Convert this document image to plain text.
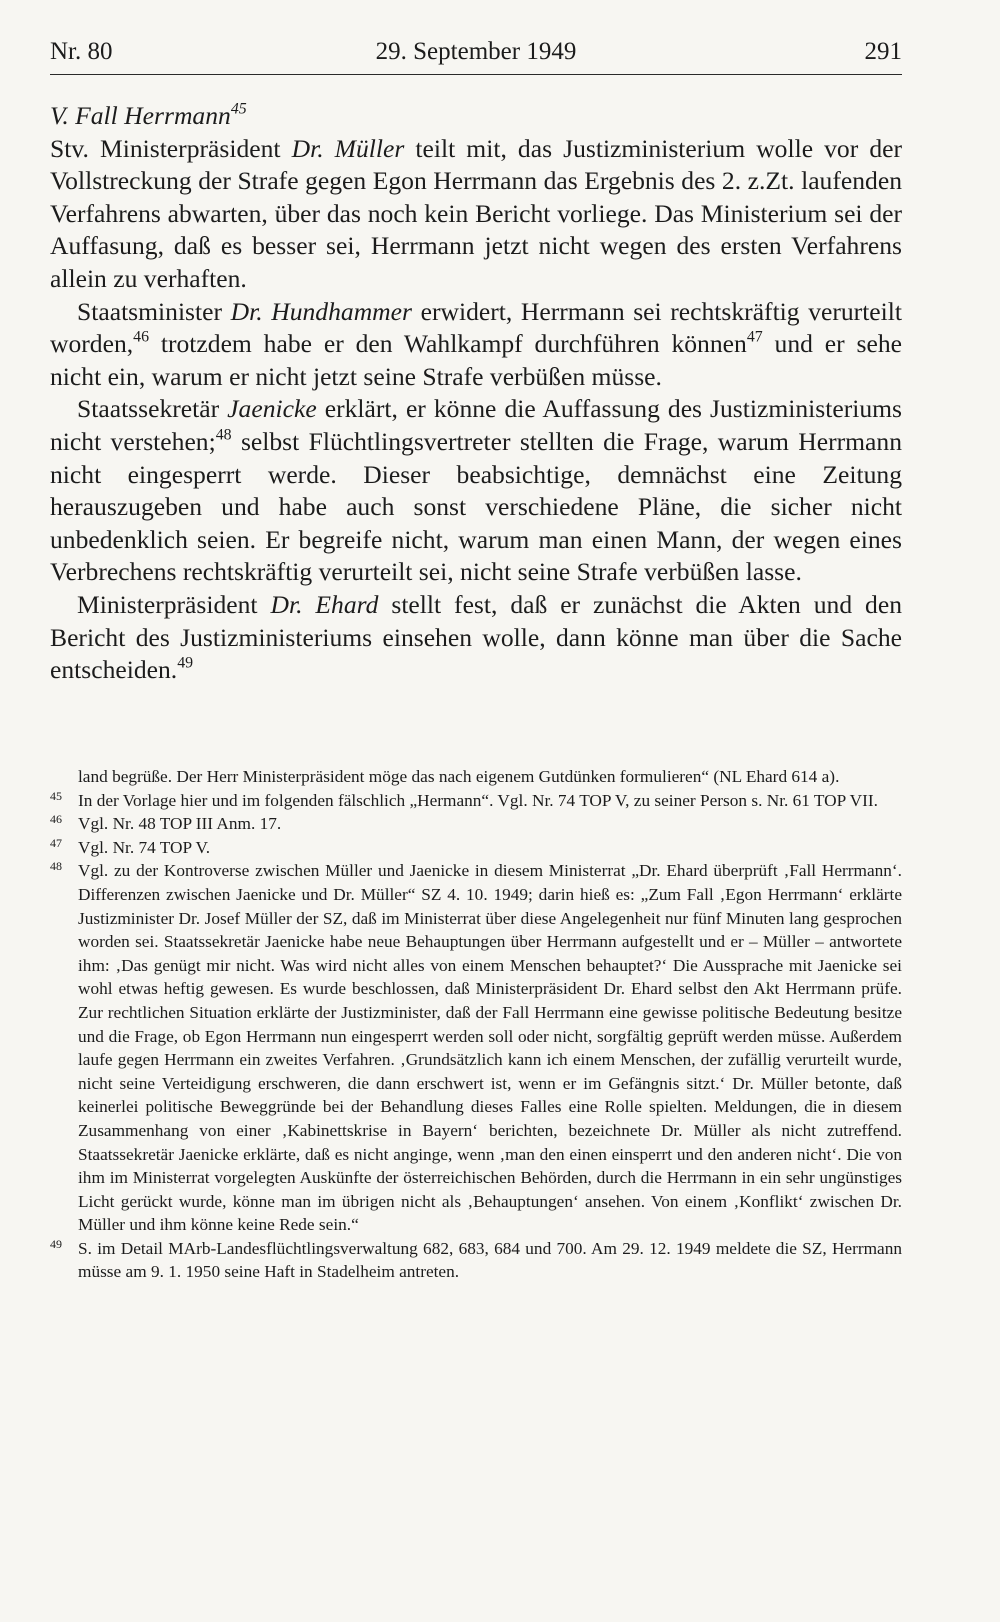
Nr. 80	29. September 1949	291

V. Fall Herrmann$^{45}$

Stv. Ministerpräsident Dr. Müller teilt mit, das Justizministerium wolle vor der Vollstreckung der Strafe gegen Egon Herrmann das Ergebnis des 2. z.Zt. laufenden Verfahrens abwarten, über das noch kein Bericht vorliege. Das Ministerium sei der Auffasung, daß es besser sei, Herrmann jetzt nicht wegen des ersten Verfahrens allein zu verhaften.

Staatsminister Dr. Hundhammer erwidert, Herrmann sei rechtskräftig verurteilt worden,$^{46}$ trotzdem habe er den Wahlkampf durchführen können$^{47}$ und er sehe nicht ein, warum er nicht jetzt seine Strafe verbüßen müsse.

Staatssekretär Jaenicke erklärt, er könne die Auffassung des Justizministeriums nicht verstehen;$^{48}$ selbst Flüchtlingsvertreter stellten die Frage, warum Herrmann nicht eingesperrt werde. Dieser beabsichtige, demnächst eine Zeitung herauszugeben und habe auch sonst verschiedene Pläne, die sicher nicht unbedenklich seien. Er begreife nicht, warum man einen Mann, der wegen eines Verbrechens rechtskräftig verurteilt sei, nicht seine Strafe verbüßen lasse.

Ministerpräsident Dr. Ehard stellt fest, daß er zunächst die Akten und den Bericht des Justizministeriums einsehen wolle, dann könne man über die Sache entscheiden.$^{49}$

land begrüße. Der Herr Ministerpräsident möge das nach eigenem Gutdünken formulieren“ (NL Ehard 614 a).

45 In der Vorlage hier und im folgenden fälschlich „Hermann“. Vgl. Nr. 74 TOP V, zu seiner Person s. Nr. 61 TOP VII.

46 Vgl. Nr. 48 TOP III Anm. 17.

47 Vgl. Nr. 74 TOP V.

48 Vgl. zu der Kontroverse zwischen Müller und Jaenicke in diesem Ministerrat „Dr. Ehard überprüft ‚Fall Herrmann‘. Differenzen zwischen Jaenicke und Dr. Müller“ SZ 4. 10. 1949; darin hieß es: „Zum Fall ‚Egon Herrmann‘ erklärte Justizminister Dr. Josef Müller der SZ, daß im Ministerrat über diese Angelegenheit nur fünf Minuten lang gesprochen worden sei. Staatssekretär Jaenicke habe neue Behauptungen über Herrmann aufgestellt und er – Müller – antwortete ihm: ‚Das genügt mir nicht. Was wird nicht alles von einem Menschen behauptet?‘ Die Aussprache mit Jaenicke sei wohl etwas heftig gewesen. Es wurde beschlossen, daß Ministerpräsident Dr. Ehard selbst den Akt Herrmann prüfe. Zur rechtlichen Situation erklärte der Justizminister, daß der Fall Herrmann eine gewisse politische Bedeutung besitze und die Frage, ob Egon Herrmann nun eingesperrt werden soll oder nicht, sorgfältig geprüft werden müsse. Außerdem laufe gegen Herrmann ein zweites Verfahren. ‚Grundsätzlich kann ich einem Menschen, der zufällig verurteilt wurde, nicht seine Verteidigung erschweren, die dann erschwert ist, wenn er im Gefängnis sitzt.‘ Dr. Müller betonte, daß keinerlei politische Beweggründe bei der Behandlung dieses Falles eine Rolle spielten. Meldungen, die in diesem Zusammenhang von einer ‚Kabinettskrise in Bayern‘ berichten, bezeichnete Dr. Müller als nicht zutreffend. Staatssekretär Jaenicke erklärte, daß es nicht anginge, wenn ‚man den einen einsperrt und den anderen nicht‘. Die von ihm im Ministerrat vorgelegten Auskünfte der österreichischen Behörden, durch die Herrmann in ein sehr ungünstiges Licht gerückt wurde, könne man im übrigen nicht als ‚Behauptungen‘ ansehen. Von einem ‚Konflikt‘ zwischen Dr. Müller und ihm könne keine Rede sein.“

49 S. im Detail MArb-Landesflüchtlingsverwaltung 682, 683, 684 und 700. Am 29. 12. 1949 meldete die SZ, Herrmann müsse am 9. 1. 1950 seine Haft in Stadelheim antreten.
